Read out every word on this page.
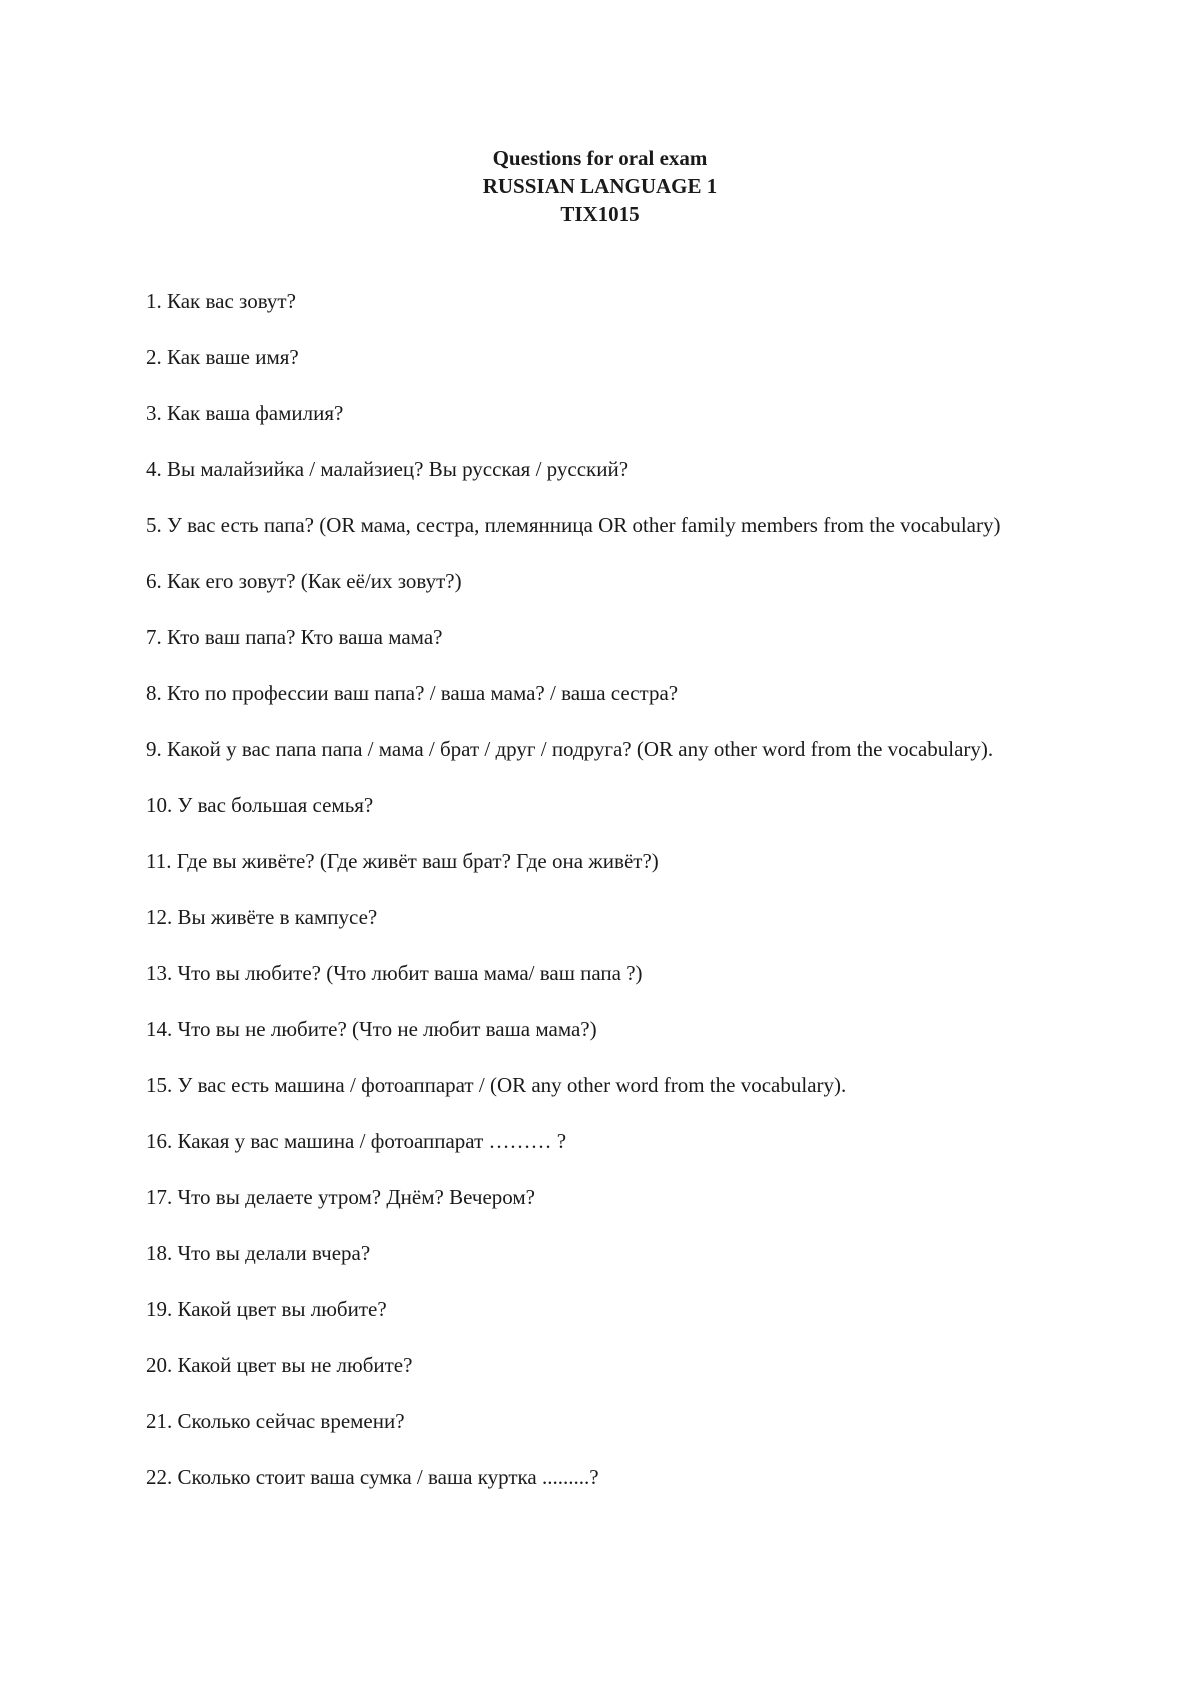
Questions for oral exam
RUSSIAN LANGUAGE 1
TIX1015
1. Как вас зовут?
2. Как ваше имя?
3. Как ваша фамилия?
4. Вы малайзийка / малайзиец? Вы русская / русский?
5. У вас есть папа? (OR мама, сестра, племянница OR other family members from the vocabulary)
6. Как его зовут? (Как её/их зовут?)
7. Кто ваш папа? Кто ваша мама?
8. Кто по профессии ваш папа? / ваша мама? / ваша сестра?
9. Какой у вас папа папа / мама / брат / друг / подруга? (OR any other word from the vocabulary).
10. У вас большая семья?
11. Где вы живёте? (Где живёт ваш брат? Где она живёт?)
12. Вы живёте в кампусе?
13. Что вы любите? (Что любит ваша мама/ ваш папа ?)
14. Что вы не любите? (Что не любит ваша мама?)
15. У вас есть машина / фотоаппарат / (OR any other word from the vocabulary).
16. Какая у вас машина / фотоаппарат ……… ?
17. Что вы делаете утром? Днём? Вечером?
18. Что вы делали вчера?
19. Какой цвет вы любите?
20. Какой цвет вы не любите?
21. Сколько сейчас времени?
22. Сколько стоит ваша сумка / ваша куртка .........?
